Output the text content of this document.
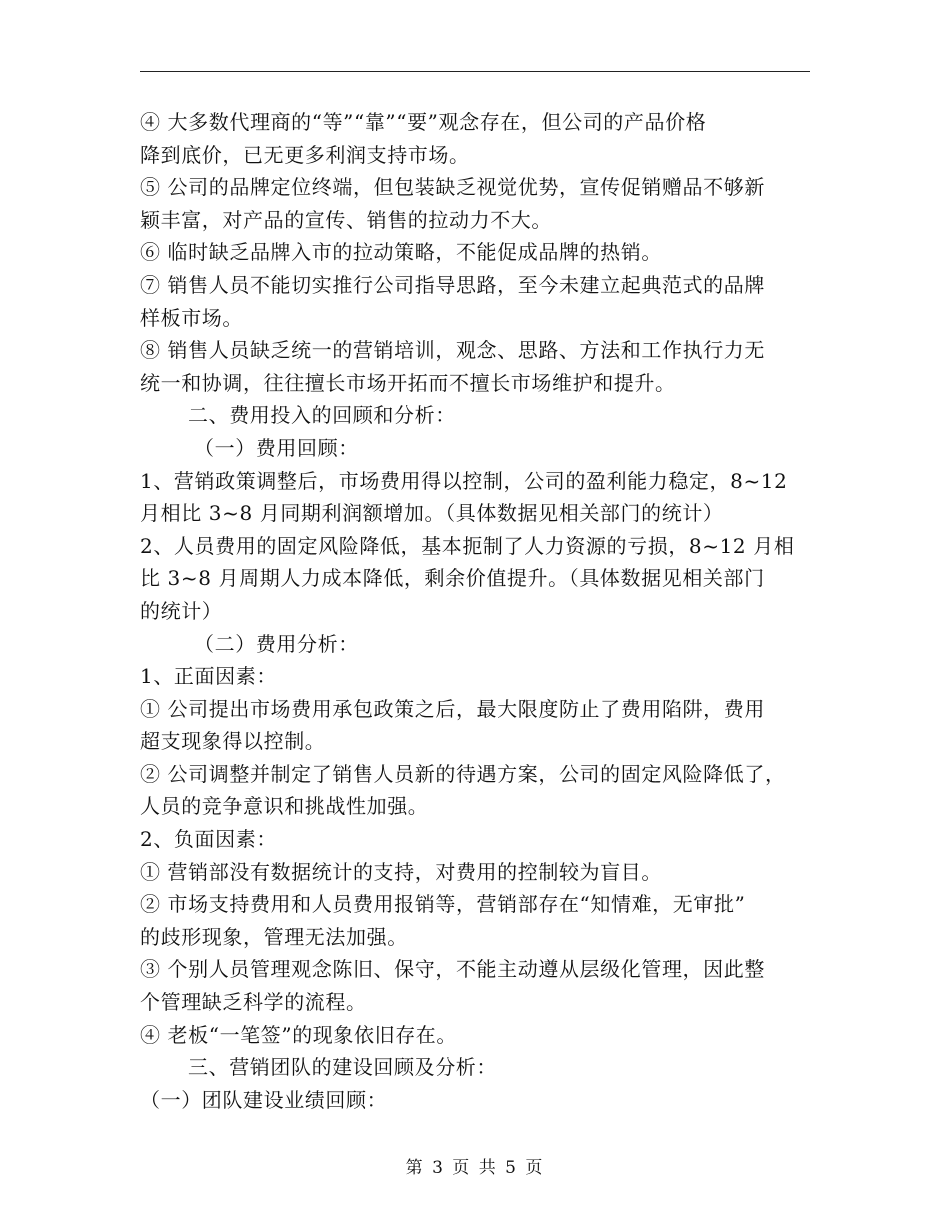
④ 大多数代理商的“等”“靠”“要”观念存在，但公司的产品价格

降到底价，已无更多利润支持市场。

⑤ 公司的品牌定位终端，但包装缺乏视觉优势，宣传促销赠品不够新

颖丰富，对产品的宣传、销售的拉动力不大。

⑥ 临时缺乏品牌入市的拉动策略，不能促成品牌的热销。

⑦ 销售人员不能切实推行公司指导思路，至今未建立起典范式的品牌

样板市场。

⑧ 销售人员缺乏统一的营销培训，观念、思路、方法和工作执行力无

统一和协调，往往擅长市场开拓而不擅长市场维护和提升。

二、费用投入的回顾和分析：

（一）费用回顾：

1、营销政策调整后，市场费用得以控制，公司的盈利能力稳定，8~12

月相比 3~8 月同期利润额增加。（具体数据见相关部门的统计）

2、人员费用的固定风险降低，基本扼制了人力资源的亏损，8~12 月相

比 3~8 月周期人力成本降低，剩余价值提升。（具体数据见相关部门

的统计）

（二）费用分析：

1、正面因素：

① 公司提出市场费用承包政策之后，最大限度防止了费用陷阱，费用

超支现象得以控制。

② 公司调整并制定了销售人员新的待遇方案，公司的固定风险降低了，

人员的竞争意识和挑战性加强。

2、负面因素：

① 营销部没有数据统计的支持，对费用的控制较为盲目。

② 市场支持费用和人员费用报销等，营销部存在“知情难，无审批”

的歧形现象，管理无法加强。

③ 个别人员管理观念陈旧、保守，不能主动遵从层级化管理，因此整

个管理缺乏科学的流程。

④ 老板“一笔签”的现象依旧存在。

三、营销团队的建设回顾及分析：

（一）团队建设业绩回顾：

第 3 页 共 5 页
